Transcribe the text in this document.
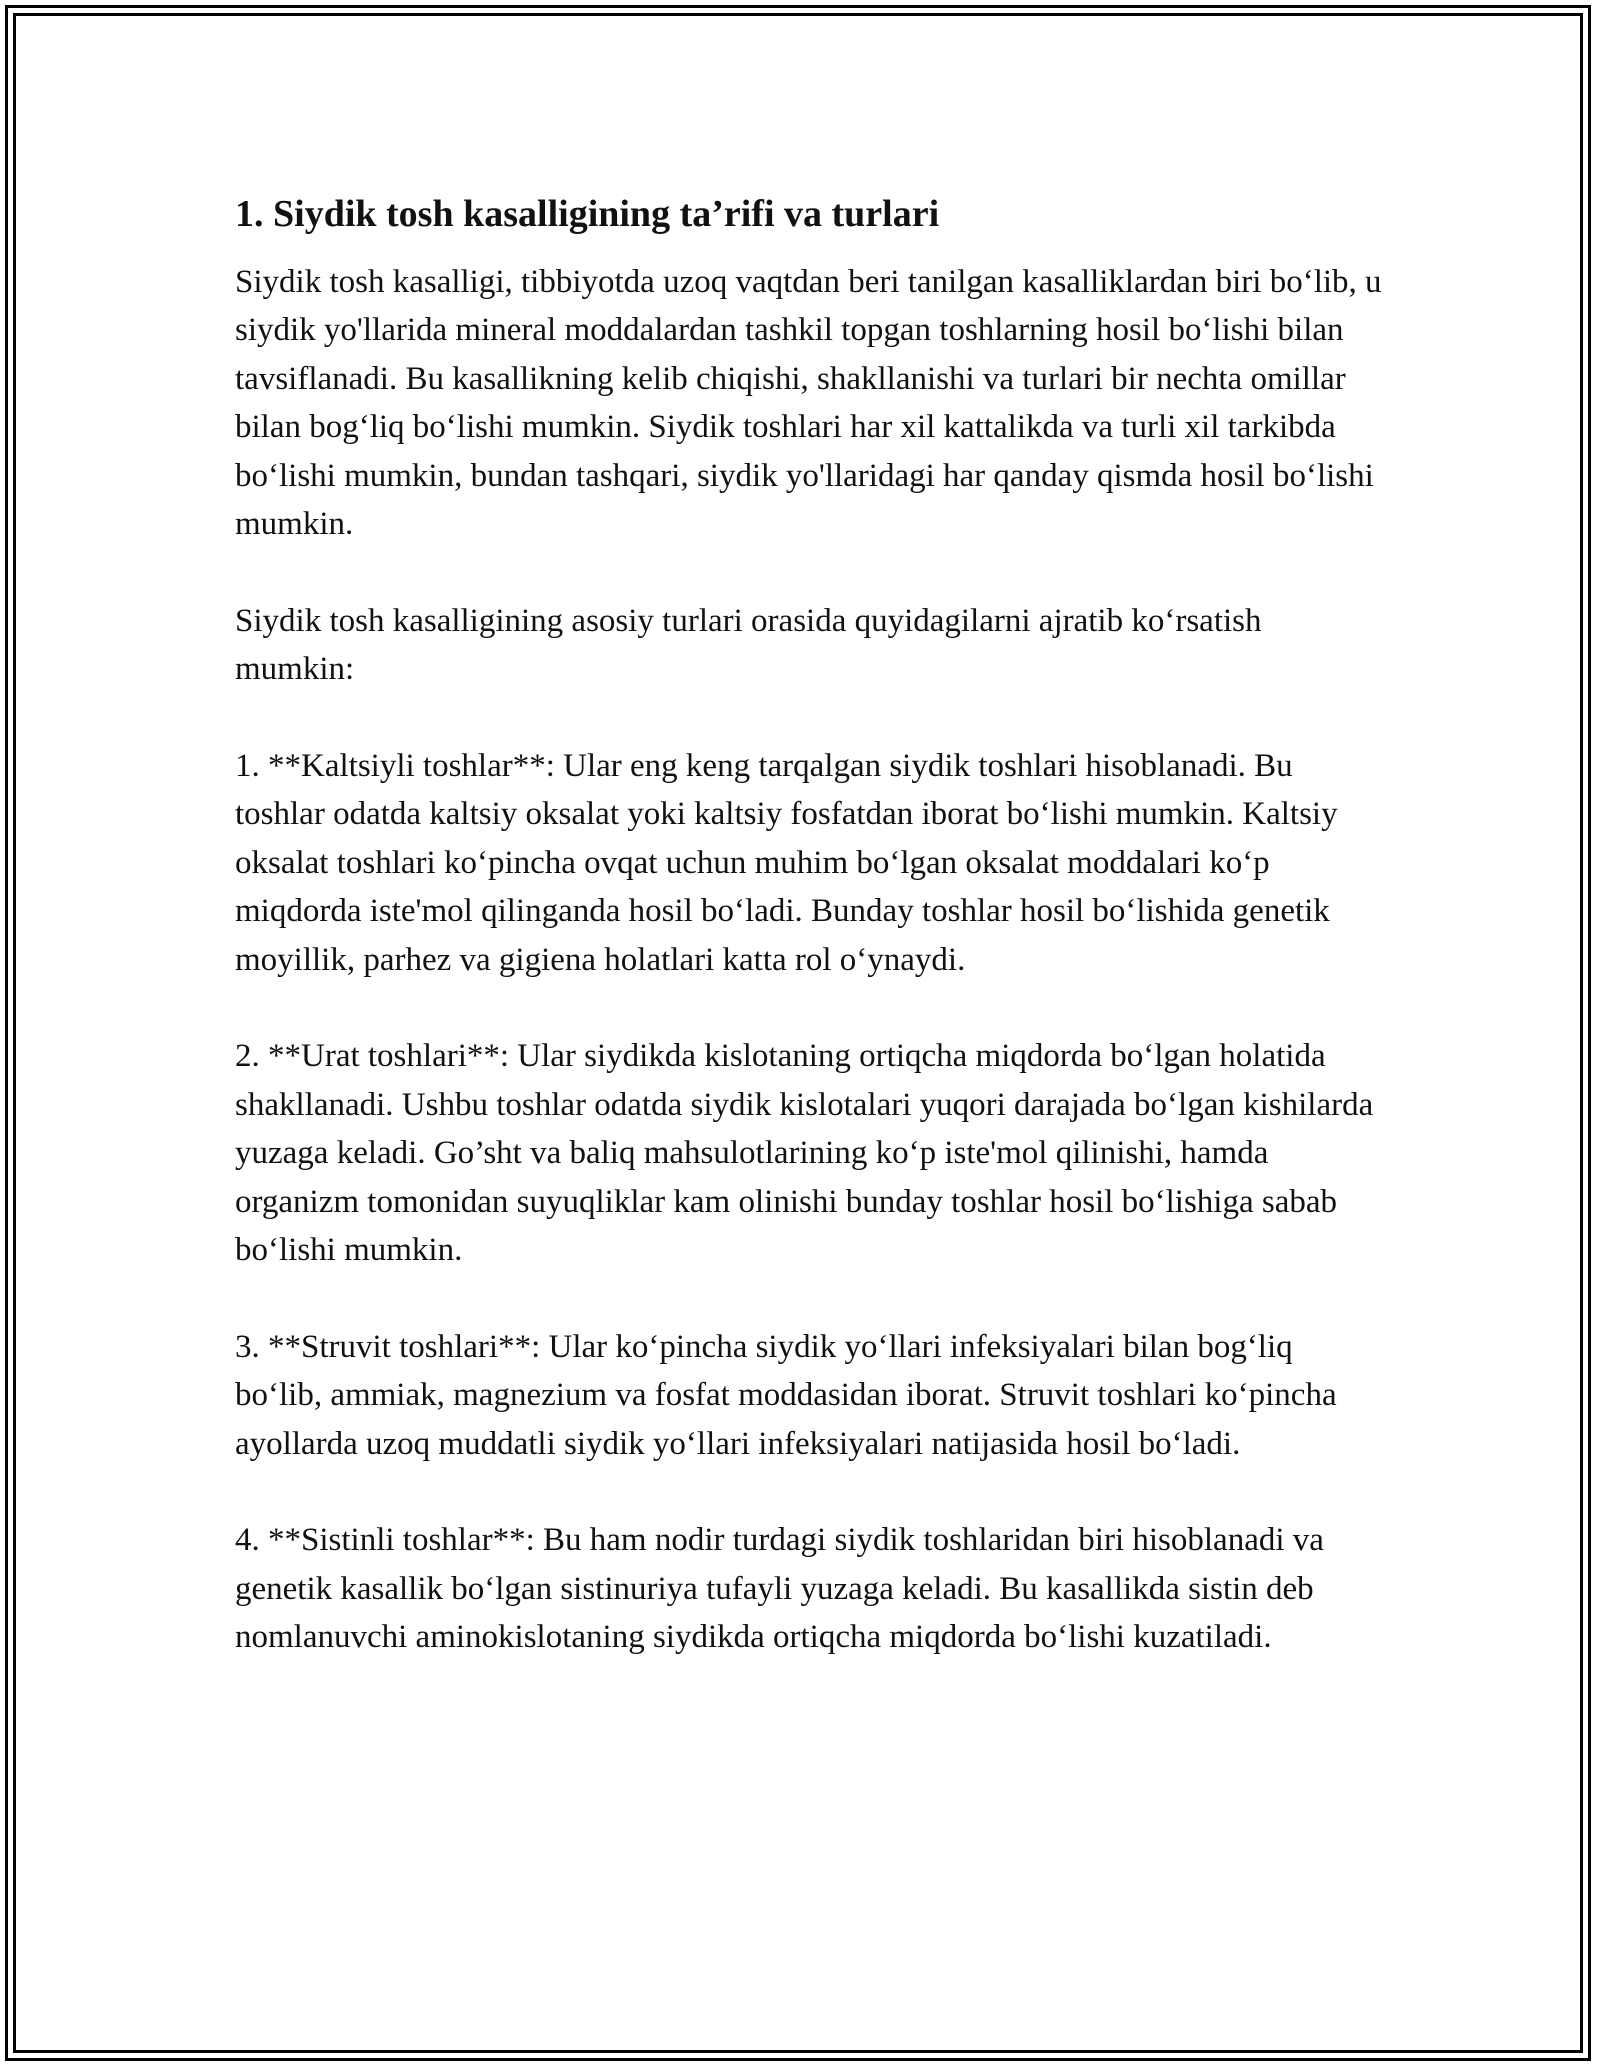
1. Siydik tosh kasalligining ta’rifi va turlari

Siydik tosh kasalligi, tibbiyotda uzoq vaqtdan beri tanilgan kasalliklardan biri bo‘lib, u siydik yo'llarida mineral moddalardan tashkil topgan toshlarning hosil bo‘lishi bilan tavsiflanadi. Bu kasallikning kelib chiqishi, shakllanishi va turlari bir nechta omillar bilan bog‘liq bo‘lishi mumkin. Siydik toshlari har xil kattalikda va turli xil tarkibda bo‘lishi mumkin, bundan tashqari, siydik yo'llaridagi har qanday qismda hosil bo‘lishi mumkin.

Siydik tosh kasalligining asosiy turlari orasida quyidagilarni ajratib ko‘rsatish mumkin:

1. **Kaltsiyli toshlar**: Ular eng keng tarqalgan siydik toshlari hisoblanadi. Bu toshlar odatda kaltsiy oksalat yoki kaltsiy fosfatdan iborat bo‘lishi mumkin. Kaltsiy oksalat toshlari ko‘pincha ovqat uchun muhim bo‘lgan oksalat moddalari ko‘p miqdorda iste'mol qilinganda hosil bo‘ladi. Bunday toshlar hosil bo‘lishida genetik moyillik, parhez va gigiena holatlari katta rol o‘ynaydi.

2. **Urat toshlari**: Ular siydikda kislotaning ortiqcha miqdorda bo‘lgan holatida shakllanadi. Ushbu toshlar odatda siydik kislotalari yuqori darajada bo‘lgan kishilarda yuzaga keladi. Go’sht va baliq mahsulotlarining ko‘p iste'mol qilinishi, hamda organizm tomonidan suyuqliklar kam olinishi bunday toshlar hosil bo‘lishiga sabab bo‘lishi mumkin.

3. **Struvit toshlari**: Ular ko‘pincha siydik yo‘llari infeksiyalari bilan bog‘liq bo‘lib, ammiak, magnezium va fosfat moddasidan iborat. Struvit toshlari ko‘pincha ayollarda uzoq muddatli siydik yo‘llari infeksiyalari natijasida hosil bo‘ladi.

4. **Sistinli toshlar**: Bu ham nodir turdagi siydik toshlaridan biri hisoblanadi va genetik kasallik bo‘lgan sistinuriya tufayli yuzaga keladi. Bu kasallikda sistin deb nomlanuvchi aminokislotaning siydikda ortiqcha miqdorda bo‘lishi kuzatiladi.
